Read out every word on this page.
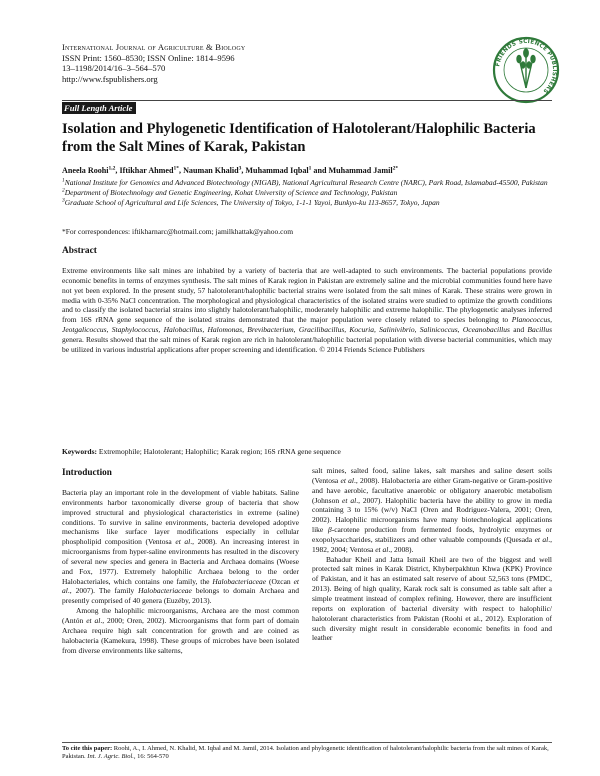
International Journal of Agriculture & Biology
ISSN Print: 1560–8530; ISSN Online: 1814–9596
13–1198/2014/16–3–564–570
http://www.fspublishers.org
FRIENDS SCIENCE PUBLISHERS
Full Length Article
Isolation and Phylogenetic Identification of Halotolerant/Halophilic Bacteria from the Salt Mines of Karak, Pakistan
Aneela Roohi$^{1,2}$, Iftikhar Ahmed$^{1*}$, Nauman Khalid$^3$, Muhammad Iqbal$^1$ and Muhammad Jamil$^{2*}$
$^1$National Institute for Genomics and Advanced Biotechnology (NIGAB), National Agricultural Research Centre (NARC), Park Road, Islamabad-45500, Pakistan
$^2$Department of Biotechnology and Genetic Engineering, Kohat University of Science and Technology, Pakistan
$^3$Graduate School of Agricultural and Life Sciences, The University of Tokyo, 1-1-1 Yayoi, Bunkyo-ku 113-8657, Tokyo, Japan
*For correspondences: iftikharnarc@hotmail.com; jamilkhattak@yahoo.com
Abstract
Extreme environments like salt mines are inhabited by a variety of bacteria that are well-adapted to such environments. The bacterial populations provide economic benefits in terms of enzymes synthesis. The salt mines of Karak region in Pakistan are extremely saline and the microbial communities found here have not yet been explored. In the present study, 57 halotolerant/halophilic bacterial strains were isolated from the salt mines of Karak. These strains were grown in media with 0-35% NaCl concentration. The morphological and physiological characteristics of the isolated strains were studied to optimize the growth conditions and to classify the isolated bacterial strains into slightly halotolerant/halophilic, moderately halophilic and extreme halophilic. The phylogenetic analyses inferred from 16S rRNA gene sequence of the isolated strains demonstrated that the major population were closely related to species belonging to Planococcus, Jeotgalicoccus, Staphylococcus, Halobacillus, Halomonas, Brevibacterium, Gracilibacillus, Kocuria, Salinivibrio, Salinicoccus, Oceanobacillus and Bacillus genera. Results showed that the salt mines of Karak region are rich in halotolerant/halophilic bacterial population with diverse bacterial communities, which may be utilized in various industrial applications after proper screening and identification. © 2014 Friends Science Publishers
Keywords: Extremophile; Halotolerant; Halophilic; Karak region; 16S rRNA gene sequence
Introduction

Bacteria play an important role in the development of viable habitats. Saline environments harbor taxonomically diverse group of bacteria that show improved structural and physiological characteristics in extreme (saline) conditions. To survive in saline environments, bacteria developed adoptive mechanisms like surface layer modifications especially in cellular phospholipid composition (Ventosa et al., 2008). An increasing interest in microorganisms from hyper-saline environments has resulted in the discovery of several new species and genera in Bacteria and Archaea domains (Woese and Fox, 1977). Extremely halophilic Archaea belong to the order Halobacteriales, which contains one family, the Halobacteriaceae (Ozcan et al., 2007). The family Halobacteriaceae belongs to domain Archaea and presently comprised of 40 genera (Euzéby, 2013).

Among the halophilic microorganisms, Archaea are the most common (Antón et al., 2000; Oren, 2002). Microorganisms that form part of domain Archaea require high salt concentration for growth and are coined as halobacteria (Kamekura, 1998). These groups of microbes have been isolated from diverse environments like salterns,

salt mines, salted food, saline lakes, salt marshes and saline desert soils (Ventosa et al., 2008). Halobacteria are either Gram-negative or Gram-positive and have aerobic, facultative anaerobic or obligatory anaerobic metabolism (Johnson et al., 2007). Halophilic bacteria have the ability to grow in media containing 3 to 15% (w/v) NaCl (Oren and Rodriguez-Valera, 2001; Oren, 2002). Halophilic microorganisms have many biotechnological applications like β-carotene production from fermented foods, hydrolytic enzymes or exopolysaccharides, stabilizers and other valuable compounds (Quesada et al., 1982, 2004; Ventosa et al., 2008).

Bahadur Kheil and Jatta Ismail Kheil are two of the biggest and well protected salt mines in Karak District, Khyberpakhtun Khwa (KPK) Province of Pakistan, and it has an estimated salt reserve of about 52,563 tons (PMDC, 2013). Being of high quality, Karak rock salt is consumed as table salt after a simple treatment instead of complex refining. However, there are insufficient reports on exploration of bacterial diversity with respect to halophilic/ halotolerant characteristics from Pakistan (Roohi et al., 2012). Exploration of such diversity might result in considerable economic benefits in food and leather

To cite this paper: Roohi, A., I. Ahmed, N. Khalid, M. Iqbal and M. Jamil, 2014. Isolation and phylogenetic identification of halotolerant/halophilic bacteria from the salt mines of Karak, Pakistan. Int. J. Agric. Biol., 16: 564-570
